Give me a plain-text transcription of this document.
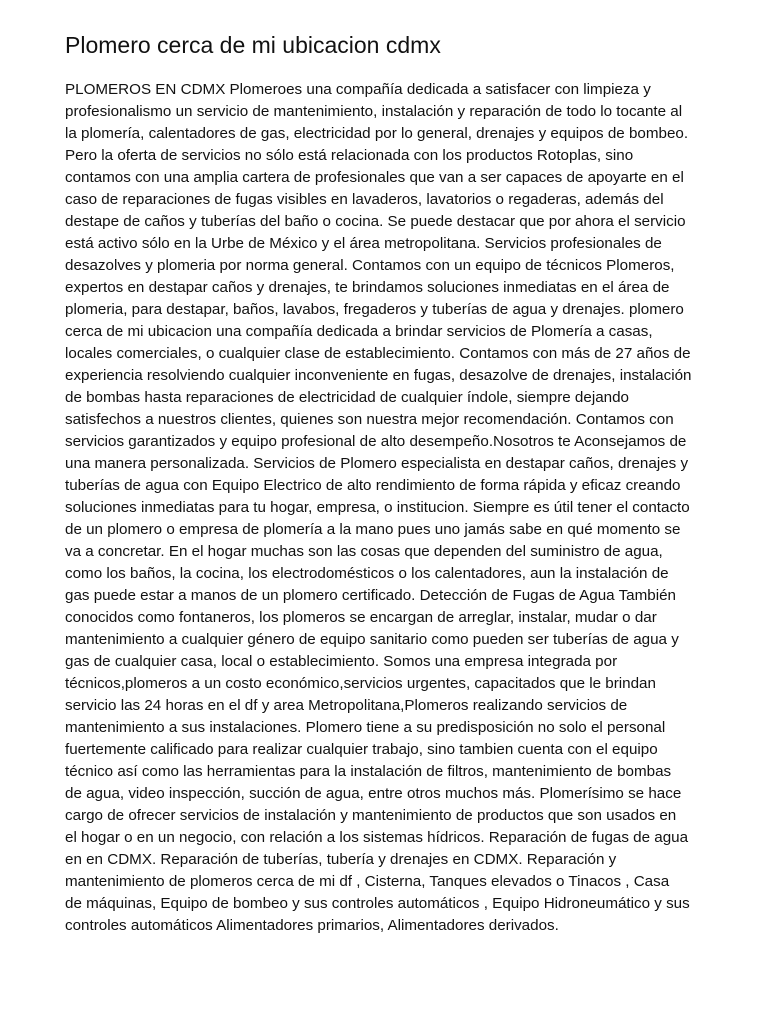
Plomero cerca de mi ubicacion cdmx
PLOMEROS EN CDMX Plomeroes una compañía dedicada a satisfacer con limpieza y
profesionalismo un servicio de mantenimiento, instalación y reparación de todo lo tocante al
la plomería, calentadores de gas, electricidad por lo general, drenajes y equipos de bombeo.
Pero la oferta de servicios no sólo está relacionada con los productos Rotoplas, sino
contamos con una amplia cartera de profesionales que van a ser capaces de apoyarte en el
caso de reparaciones de fugas visibles en lavaderos, lavatorios o regaderas, además del
destape de caños y tuberías del baño o cocina. Se puede destacar que por ahora el servicio
está activo sólo en la Urbe de México y el área metropolitana. Servicios profesionales de
desazolves y plomeria por norma general. Contamos con un equipo de técnicos Plomeros,
expertos en destapar caños y drenajes, te brindamos soluciones inmediatas en el área de
plomeria, para destapar, baños, lavabos, fregaderos y tuberías de agua y drenajes. plomero
cerca de mi ubicacion una compañía dedicada a brindar servicios de Plomería a casas,
locales comerciales, o cualquier clase de establecimiento. Contamos con más de 27 años de
experiencia resolviendo cualquier inconveniente en fugas, desazolve de drenajes, instalación
de bombas hasta reparaciones de electricidad de cualquier índole, siempre dejando
satisfechos a nuestros clientes, quienes son nuestra mejor recomendación. Contamos con
servicios garantizados y equipo profesional de alto desempeño.Nosotros te Aconsejamos de
una manera personalizada. Servicios de Plomero especialista en destapar caños, drenajes y
tuberías de agua con Equipo Electrico de alto rendimiento de forma rápida y eficaz creando
soluciones inmediatas para tu hogar, empresa, o institucion. Siempre es útil tener el contacto
de un plomero o empresa de plomería a la mano pues uno jamás sabe en qué momento se
va a concretar. En el hogar muchas son las cosas que dependen del suministro de agua,
como los baños, la cocina, los electrodomésticos o los calentadores, aun la instalación de
gas puede estar a manos de un plomero certificado. Detección de Fugas de Agua También
conocidos como fontaneros, los plomeros se encargan de arreglar, instalar, mudar o dar
mantenimiento a cualquier género de equipo sanitario como pueden ser tuberías de agua y
gas de cualquier casa, local o establecimiento. Somos una empresa integrada por
técnicos,plomeros a un costo económico,servicios urgentes, capacitados que le brindan
servicio las 24 horas en el df y area Metropolitana,Plomeros realizando servicios de
mantenimiento a sus instalaciones. Plomero tiene a su predisposición no solo el personal
fuertemente calificado para realizar cualquier trabajo, sino tambien cuenta con el equipo
técnico así como las herramientas para la instalación de filtros, mantenimiento de bombas
de agua, video inspección, succión de agua, entre otros muchos más. Plomerísimo se hace
cargo de ofrecer servicios de instalación y mantenimiento de productos que son usados en
el hogar o en un negocio, con relación a los sistemas hídricos. Reparación de fugas de agua
en en CDMX. Reparación de tuberías, tubería y drenajes en CDMX. Reparación y
mantenimiento de plomeros cerca de mi df , Cisterna, Tanques elevados o Tinacos , Casa
de máquinas, Equipo de bombeo y sus controles automáticos , Equipo Hidroneumático y sus
controles automáticos Alimentadores primarios, Alimentadores derivados.
